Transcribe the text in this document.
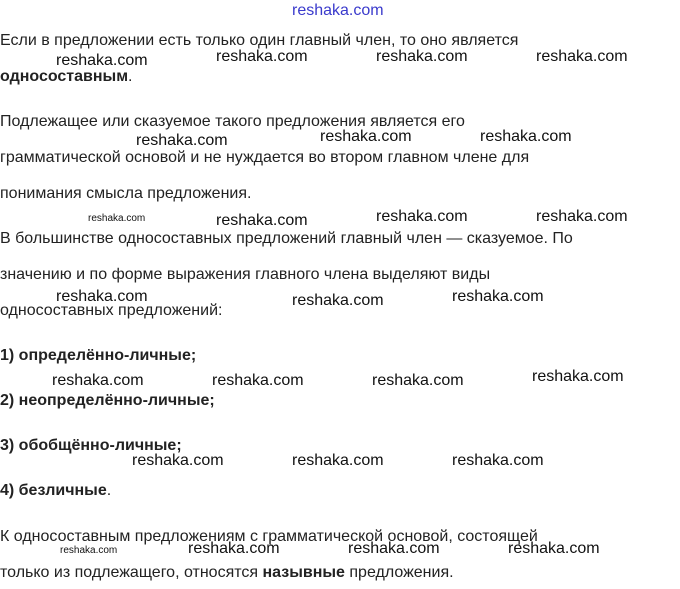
reshaka.com
Если в предложении есть только один главный член, то оно является
односоставным.
Подлежащее или сказуемое такого предложения является его
грамматической основой и не нуждается во втором главном члене для
понимания смысла предложения.
В большинстве односоставных предложений главный член — сказуемое. По
значению и по форме выражения главного члена выделяют виды
односоставных предложений:
1) определённо-личные;
2) неопределённо-личные;
3) обобщённо-личные;
4) безличные.
К односоставным предложениям с грамматической основой, состоящей
только из подлежащего, относятся назывные предложения.
reshaka.com	reshaka.com	reshaka.com	reshaka.com
reshaka.com	reshaka.com	reshaka.com
reshaka.com	reshaka.com	reshaka.com	reshaka.com
reshaka.com	reshaka.com	reshaka.com
reshaka.com	reshaka.com	reshaka.com	reshaka.com
reshaka.com	reshaka.com	reshaka.com
reshaka.com	reshaka.com	reshaka.com	reshaka.com
